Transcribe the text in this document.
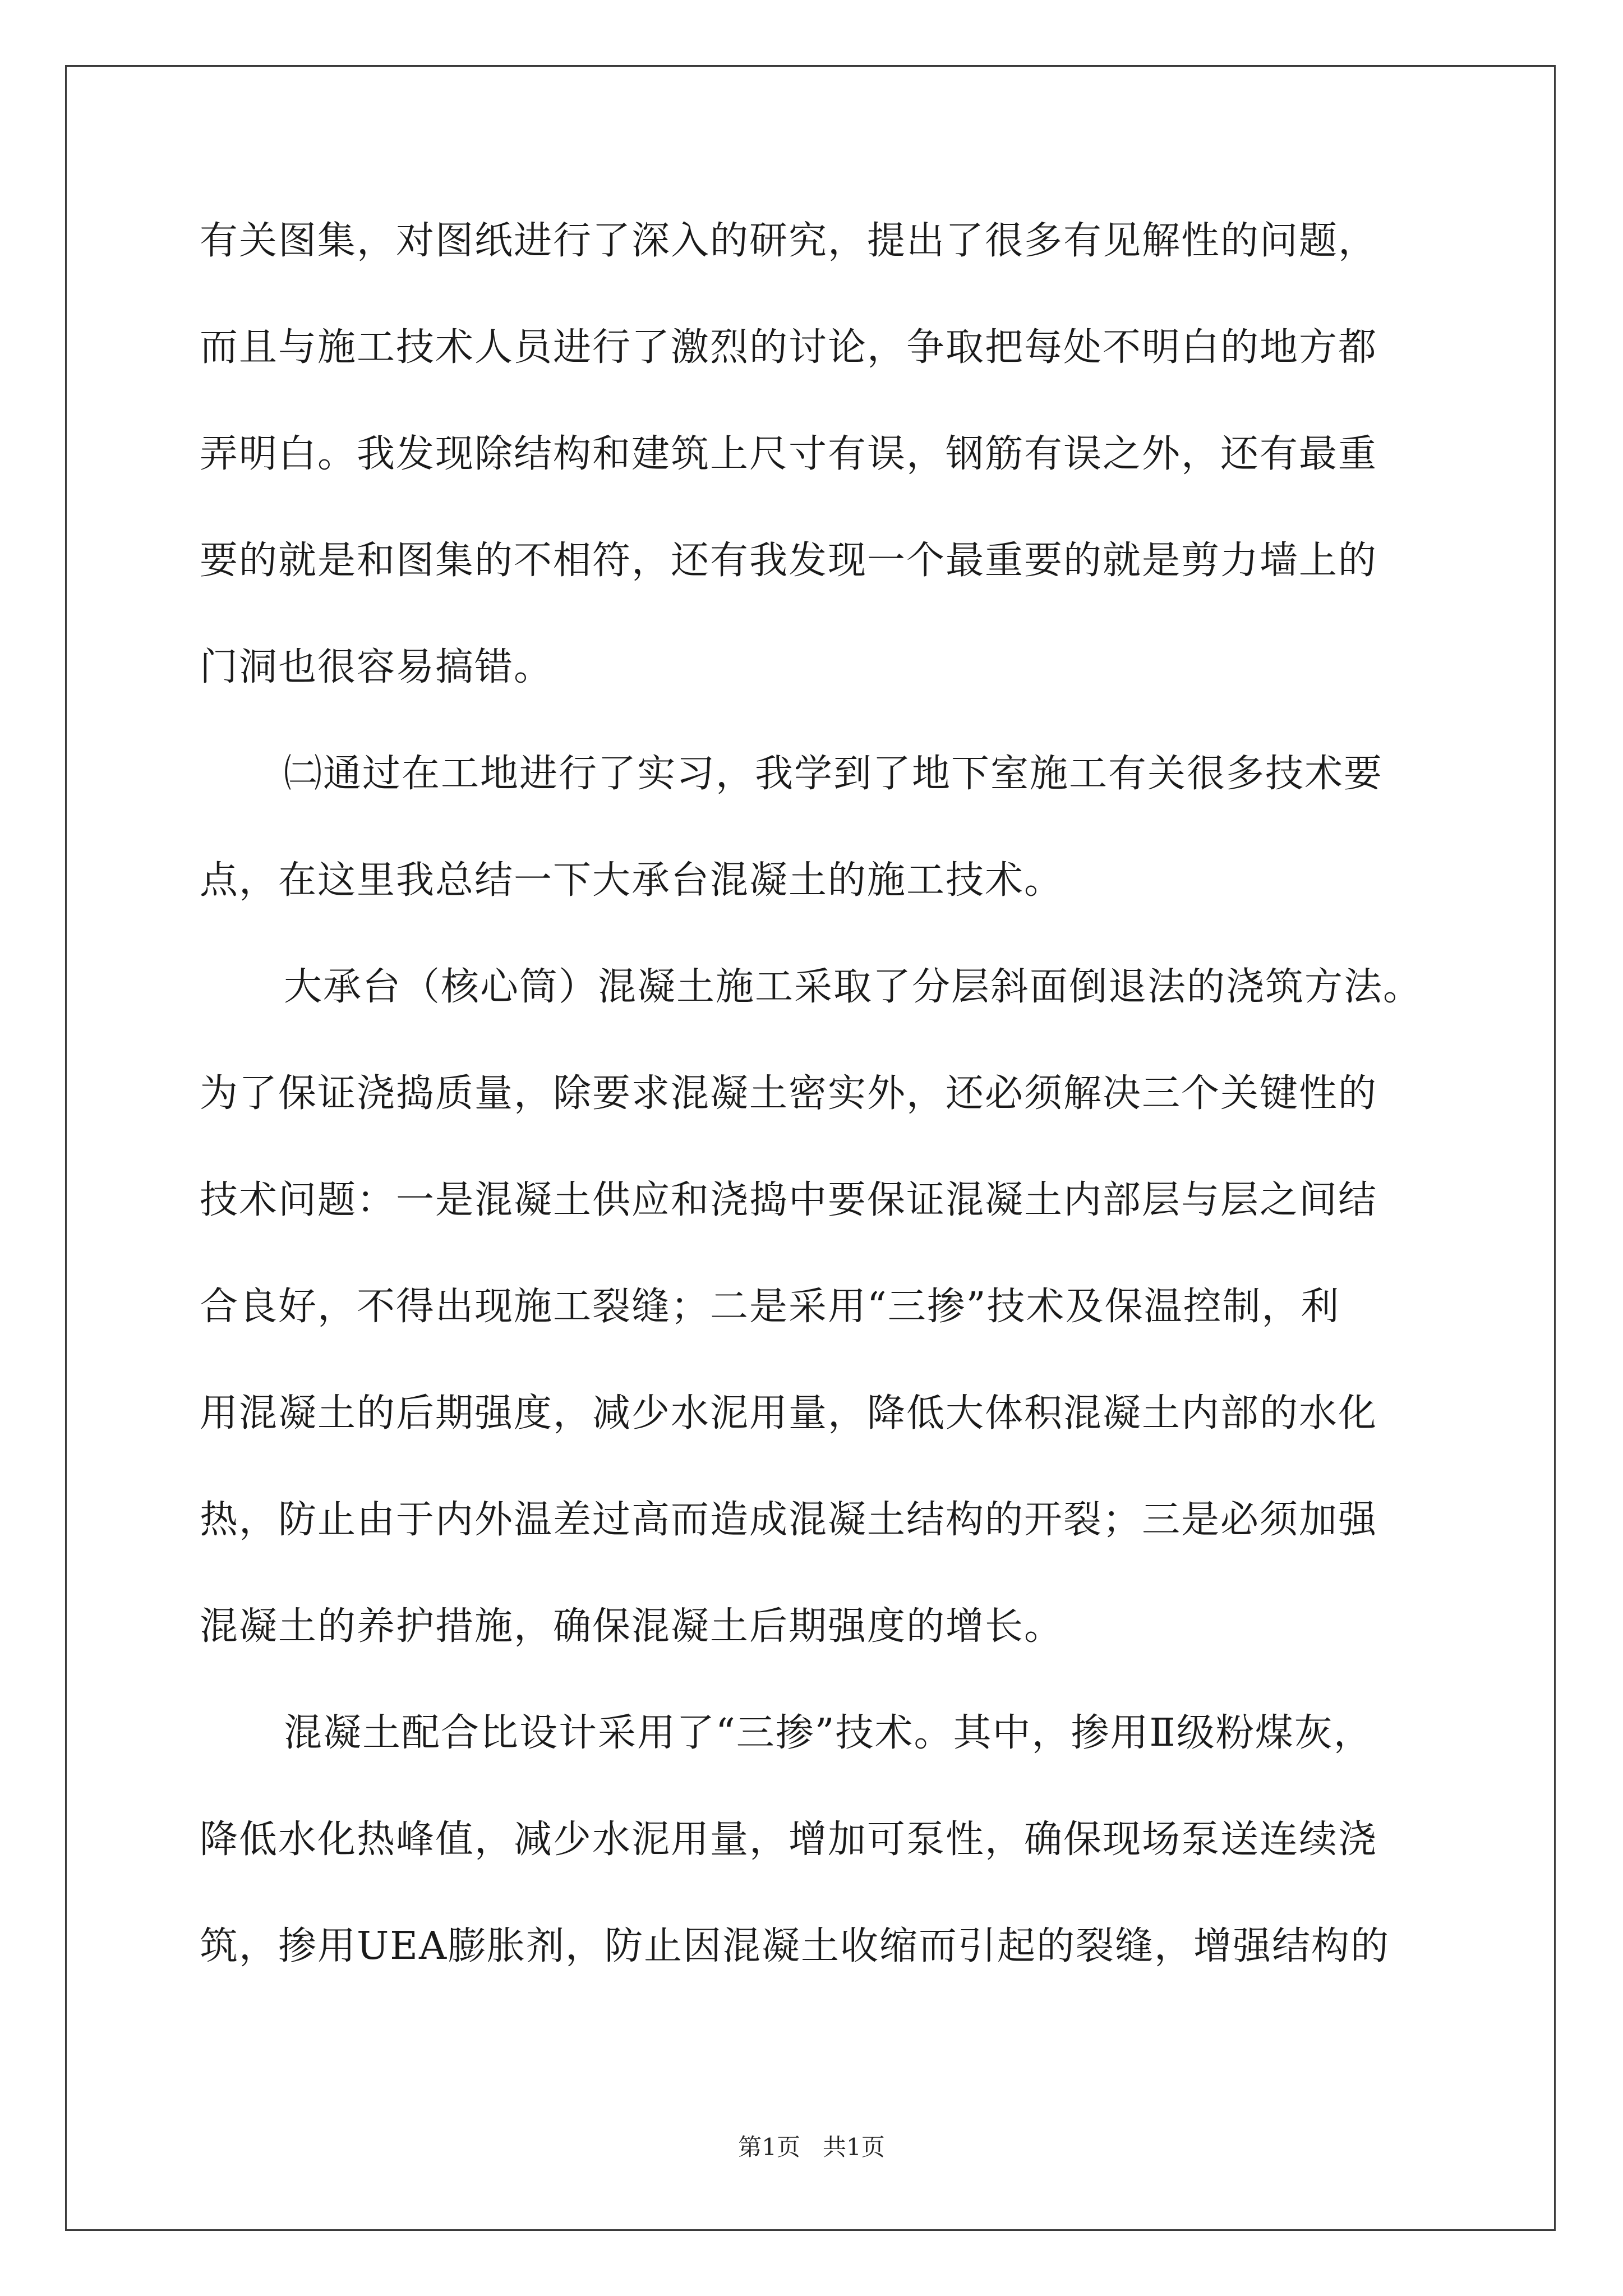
有关图集，对图纸进行了深入的研究，提出了很多有见解性的问题，
而且与施工技术人员进行了激烈的讨论，争取把每处不明白的地方都
弄明白。我发现除结构和建筑上尺寸有误，钢筋有误之外，还有最重
要的就是和图集的不相符，还有我发现一个最重要的就是剪力墙上的
门洞也很容易搞错。
㈡通过在工地进行了实习，我学到了地下室施工有关很多技术要
点，在这里我总结一下大承台混凝土的施工技术。
大承台（核心筒）混凝土施工采取了分层斜面倒退法的浇筑方法。
为了保证浇捣质量，除要求混凝土密实外，还必须解决三个关键性的
技术问题：一是混凝土供应和浇捣中要保证混凝土内部层与层之间结
合良好，不得出现施工裂缝；二是采用“三掺”技术及保温控制，利
用混凝土的后期强度，减少水泥用量，降低大体积混凝土内部的水化
热，防止由于内外温差过高而造成混凝土结构的开裂；三是必须加强
混凝土的养护措施，确保混凝土后期强度的增长。
混凝土配合比设计采用了“三掺”技术。其中，掺用Ⅱ级粉煤灰，
降低水化热峰值，减少水泥用量，增加可泵性，确保现场泵送连续浇
筑，掺用UEA膨胀剂，防止因混凝土收缩而引起的裂缝，增强结构的
第1页   共1页
